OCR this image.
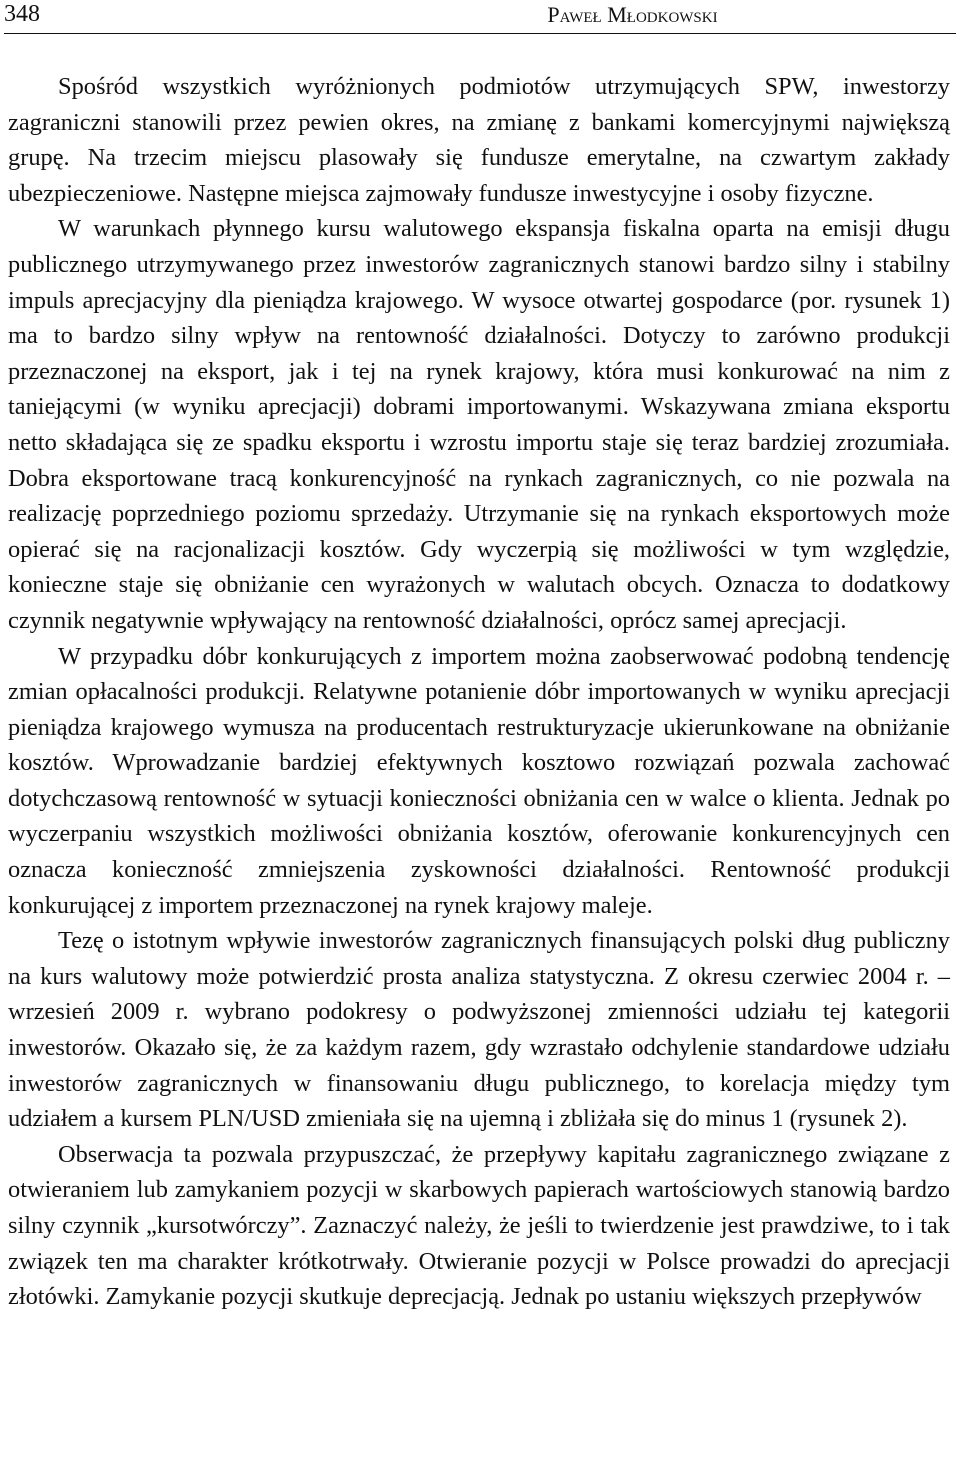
348	Paweł Młodkowski

Spośród wszystkich wyróżnionych podmiotów utrzymujących SPW, inwestorzy zagraniczni stanowili przez pewien okres, na zmianę z bankami komercyjnymi największą grupę. Na trzecim miejscu plasowały się fundusze emerytalne, na czwartym zakłady ubezpieczeniowe. Następne miejsca zajmowały fundusze inwestycyjne i osoby fizyczne.

W warunkach płynnego kursu walutowego ekspansja fiskalna oparta na emisji długu publicznego utrzymywanego przez inwestorów zagranicznych stanowi bardzo silny i stabilny impuls aprecjacyjny dla pieniądza krajowego. W wysoce otwartej gospodarce (por. rysunek 1) ma to bardzo silny wpływ na rentowność działalności. Dotyczy to zarówno produkcji przeznaczonej na eksport, jak i tej na rynek krajowy, która musi konkurować na nim z taniejącymi (w wyniku aprecjacji) dobrami importowanymi. Wskazywana zmiana eksportu netto składająca się ze spadku eksportu i wzrostu importu staje się teraz bardziej zrozumiała. Dobra eksportowane tracą konkurencyjność na rynkach zagranicznych, co nie pozwala na realizację poprzedniego poziomu sprzedaży. Utrzymanie się na rynkach eksportowych może opierać się na racjonalizacji kosztów. Gdy wyczerpią się możliwości w tym względzie, konieczne staje się obniżanie cen wyrażonych w walutach obcych. Oznacza to dodatkowy czynnik negatywnie wpływający na rentowność działalności, oprócz samej aprecjacji.

W przypadku dóbr konkurujących z importem można zaobserwować podobną tendencję zmian opłacalności produkcji. Relatywne potanienie dóbr importowanych w wyniku aprecjacji pieniądza krajowego wymusza na producentach restrukturyzacje ukierunkowane na obniżanie kosztów. Wprowadzanie bardziej efektywnych kosztowo rozwiązań pozwala zachować dotychczasową rentowność w sytuacji konieczności obniżania cen w walce o klienta. Jednak po wyczerpaniu wszystkich możliwości obniżania kosztów, oferowanie konkurencyjnych cen oznacza konieczność zmniejszenia zyskowności działalności. Rentowność produkcji konkurującej z importem przeznaczonej na rynek krajowy maleje.

Tezę o istotnym wpływie inwestorów zagranicznych finansujących polski dług publiczny na kurs walutowy może potwierdzić prosta analiza statystyczna. Z okresu czerwiec 2004 r. – wrzesień 2009 r. wybrano podokresy o podwyższonej zmienności udziału tej kategorii inwestorów. Okazało się, że za każdym razem, gdy wzrastało odchylenie standardowe udziału inwestorów zagranicznych w finansowaniu długu publicznego, to korelacja między tym udziałem a kursem PLN/USD zmieniała się na ujemną i zbliżała się do minus 1 (rysunek 2).

Obserwacja ta pozwala przypuszczać, że przepływy kapitału zagranicznego związane z otwieraniem lub zamykaniem pozycji w skarbowych papierach wartościowych stanowią bardzo silny czynnik „kursotwórczy”. Zaznaczyć należy, że jeśli to twierdzenie jest prawdziwe, to i tak związek ten ma charakter krótkotrwały. Otwieranie pozycji w Polsce prowadzi do aprecjacji złotówki. Zamykanie pozycji skutkuje deprecjacją. Jednak po ustaniu większych przepływów
